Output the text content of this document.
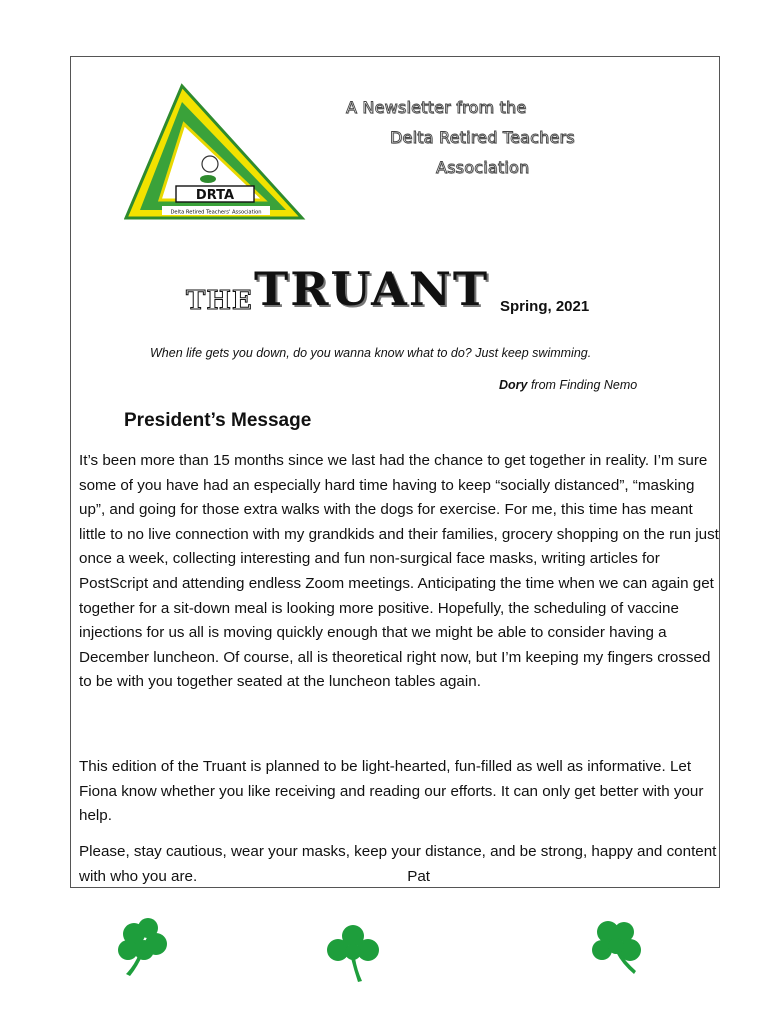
DRTA
Delta Retired Teachers' Association
A Newsletter from the
Delta Retired Teachers
Association
THE TRUANT Spring, 2021
When life gets you down, do you wanna know what to do? Just keep swimming.
Dory from Finding Nemo
President’s Message
It’s been more than 15 months since we last had the chance to get together in reality. I’m sure some of you have had an especially hard time having to keep “socially distanced”, “masking up”, and going for those extra walks with the dogs for exercise. For me, this time has meant little to no live connection with my grandkids and their families, grocery shopping on the run just once a week, collecting interesting and fun non-surgical face masks, writing articles for PostScript and attending endless Zoom meetings. Anticipating the time when we can again get together for a sit-down meal is looking more positive. Hopefully, the scheduling of vaccine injections for us all is moving quickly enough that we might be able to consider having a December luncheon. Of course, all is theoretical right now, but I’m keeping my fingers crossed to be with you together seated at the luncheon tables again.
This edition of the Truant is planned to be light-hearted, fun-filled as well as informative. Let Fiona know whether you like receiving and reading our efforts. It can only get better with your help.
Please, stay cautious, wear your masks, keep your distance, and be strong, happy and content with who you are.	Pat
